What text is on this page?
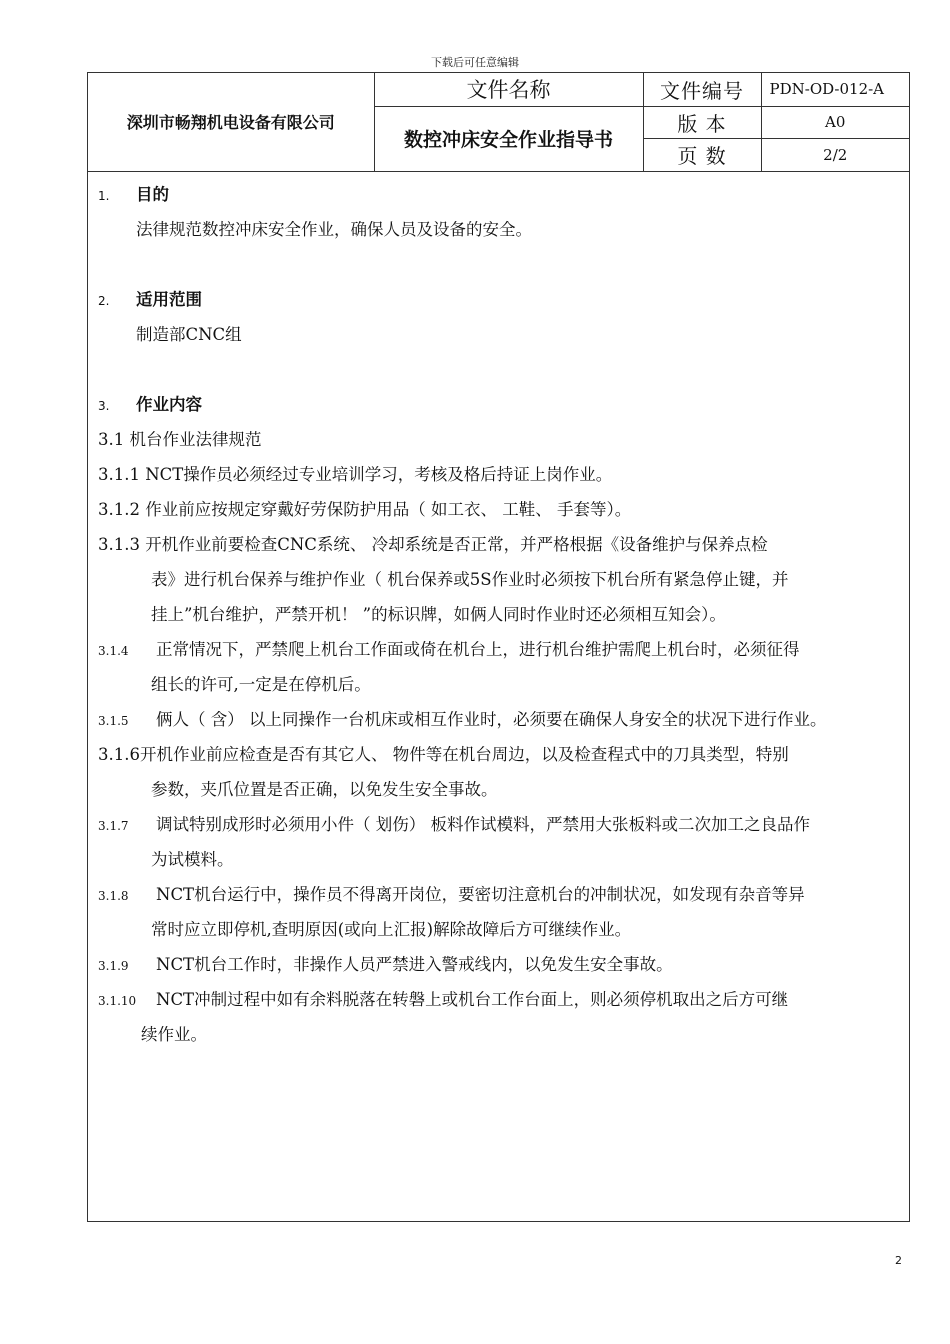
下载后可任意编辑
深圳市畅翔机电设备有限公司	文件名称	文件编号	PDN-OD-012-A
	数控冲床安全作业指导书	版 本	A0
		页 数	2/2
1. 目的
法律规范数控冲床安全作业，确保人员及设备的安全。
2. 适用范围
制造部CNC组
3. 作业内容
3.1 机台作业法律规范
3.1.1 NCT操作员必须经过专业培训学习，考核及格后持证上岗作业。
3.1.2 作业前应按规定穿戴好劳保防护用品（ 如工衣、 工鞋、 手套等）。
3.1.3 开机作业前要检查CNC系统、 冷却系统是否正常，并严格根据《设备维护与保养点检
表》进行机台保养与维护作业（ 机台保养或5S作业时必须按下机台所有紧急停止键，并
挂上”机台维护，严禁开机！ ”的标识牌，如俩人同时作业时还必须相互知会）。
3.1.4 正常情况下，严禁爬上机台工作面或倚在机台上，进行机台维护需爬上机台时，必须征得
组长的许可,一定是在停机后。
3.1.5 俩人（ 含） 以上同操作一台机床或相互作业时，必须要在确保人身安全的状况下进行作业。
3.1.6开机作业前应检查是否有其它人、 物件等在机台周边，以及检查程式中的刀具类型，特别
参数，夹爪位置是否正确，以免发生安全事故。
3.1.7 调试特别成形时必须用小件（ 划伤） 板料作试模料，严禁用大张板料或二次加工之良品作
为试模料。
3.1.8 NCT机台运行中，操作员不得离开岗位，要密切注意机台的冲制状况，如发现有杂音等异
常时应立即停机,查明原因(或向上汇报)解除故障后方可继续作业。
3.1.9 NCT机台工作时，非操作人员严禁进入警戒线内，以免发生安全事故。
3.1.10 NCT冲制过程中如有余料脱落在转磐上或机台工作台面上，则必须停机取出之后方可继
续作业。
2
